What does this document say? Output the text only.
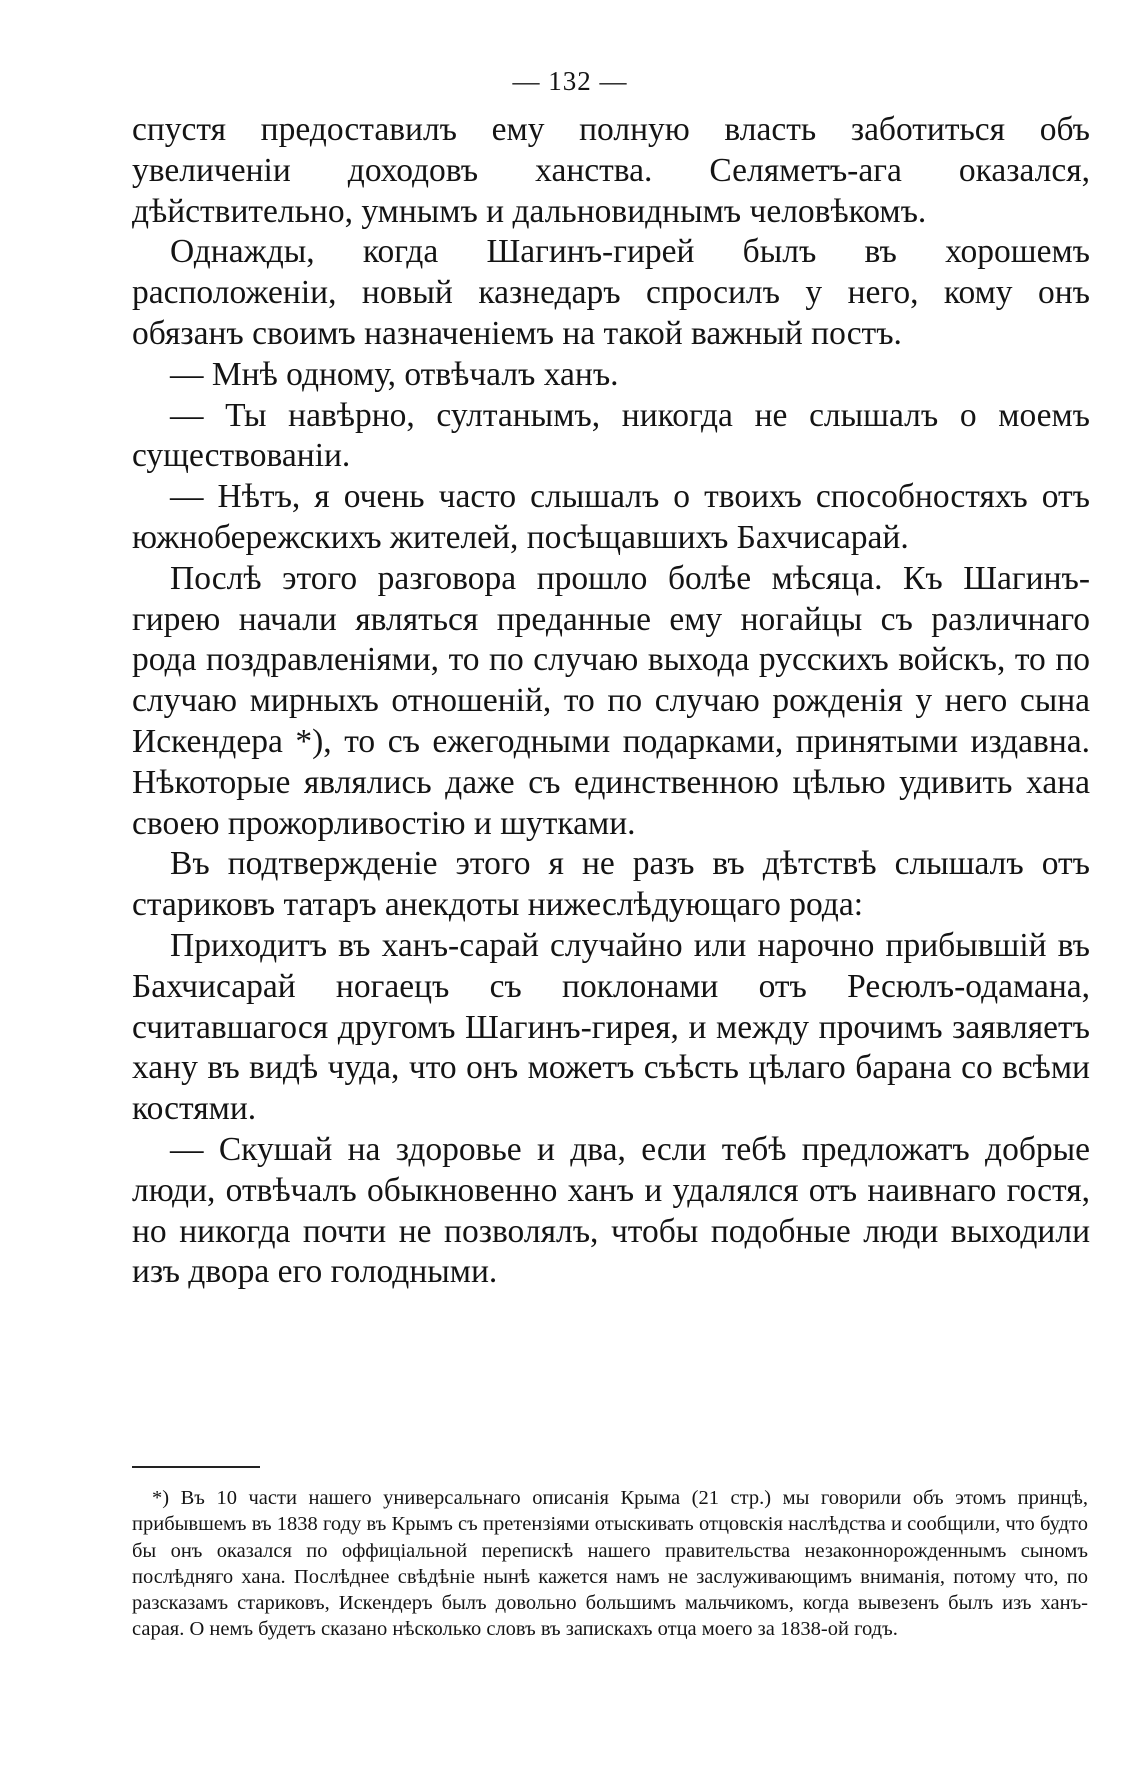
— 132 —

спустя предоставилъ ему полную власть заботиться объ увеличенiи доходовъ ханства. Селяметъ-ага оказался, дѣйствительно, умнымъ и дальновиднымъ человѣкомъ.

Однажды, когда Шагинъ-гирей былъ въ хорошемъ расположенiи, новый казнедаръ спросилъ у него, кому онъ обязанъ своимъ назначенiемъ на такой важный постъ.

— Мнѣ одному, отвѣчалъ ханъ.

— Ты навѣрно, султанымъ, никогда не слышалъ о моемъ существованiи.

— Нѣтъ, я очень часто слышалъ о твоихъ способностяхъ отъ южнобережскихъ жителей, посѣщавшихъ Бахчисарай.

Послѣ этого разговора прошло болѣе мѣсяца. Къ Шагинъ-гирею начали являться преданные ему ногайцы съ различнаго рода поздравленiями, то по случаю выхода русскихъ войскъ, то по случаю мирныхъ отношенiй, то по случаю рожденiя у него сына Искендера *), то съ ежегодными подарками, принятыми издавна. Нѣкоторые являлись даже съ единственною цѣлью удивить хана своею прожорливостiю и шутками.

Въ подтвержденiе этого я не разъ въ дѣтствѣ слышалъ отъ стариковъ татаръ анекдоты нижеслѣдующаго рода:

Приходитъ въ ханъ-сарай случайно или нарочно прибывшiй въ Бахчисарай ногаецъ съ поклонами отъ Ресюлъ-одамана, считавшагося другомъ Шагинъ-гирея, и между прочимъ заявляетъ хану въ видѣ чуда, что онъ можетъ съѣсть цѣлаго барана со всѣми костями.

— Скушай на здоровье и два, если тебѣ предложатъ добрые люди, отвѣчалъ обыкновенно ханъ и удалялся отъ наивнаго гостя, но никогда почти не позволялъ, чтобы подобные люди выходили изъ двора его голодными.

*) Въ 10 части нашего универсальнаго описанiя Крыма (21 стр.) мы говорили объ этомъ принцѣ, прибывшемъ въ 1838 году въ Крымъ съ претензiями отыскивать отцовскiя наслѣдства и сообщили, что будто бы онъ оказался по оффицiальной перепискѣ нашего правительства незаконнорожденнымъ сыномъ послѣдняго хана. Послѣднее свѣдѣнiе нынѣ кажется намъ не заслуживающимъ вниманiя, потому что, по разсказамъ стариковъ, Искендеръ былъ довольно большимъ мальчикомъ, когда вывезенъ былъ изъ ханъ-сарая. О немъ будетъ сказано нѣсколько словъ въ запискахъ отца моего за 1838-ой годъ.
